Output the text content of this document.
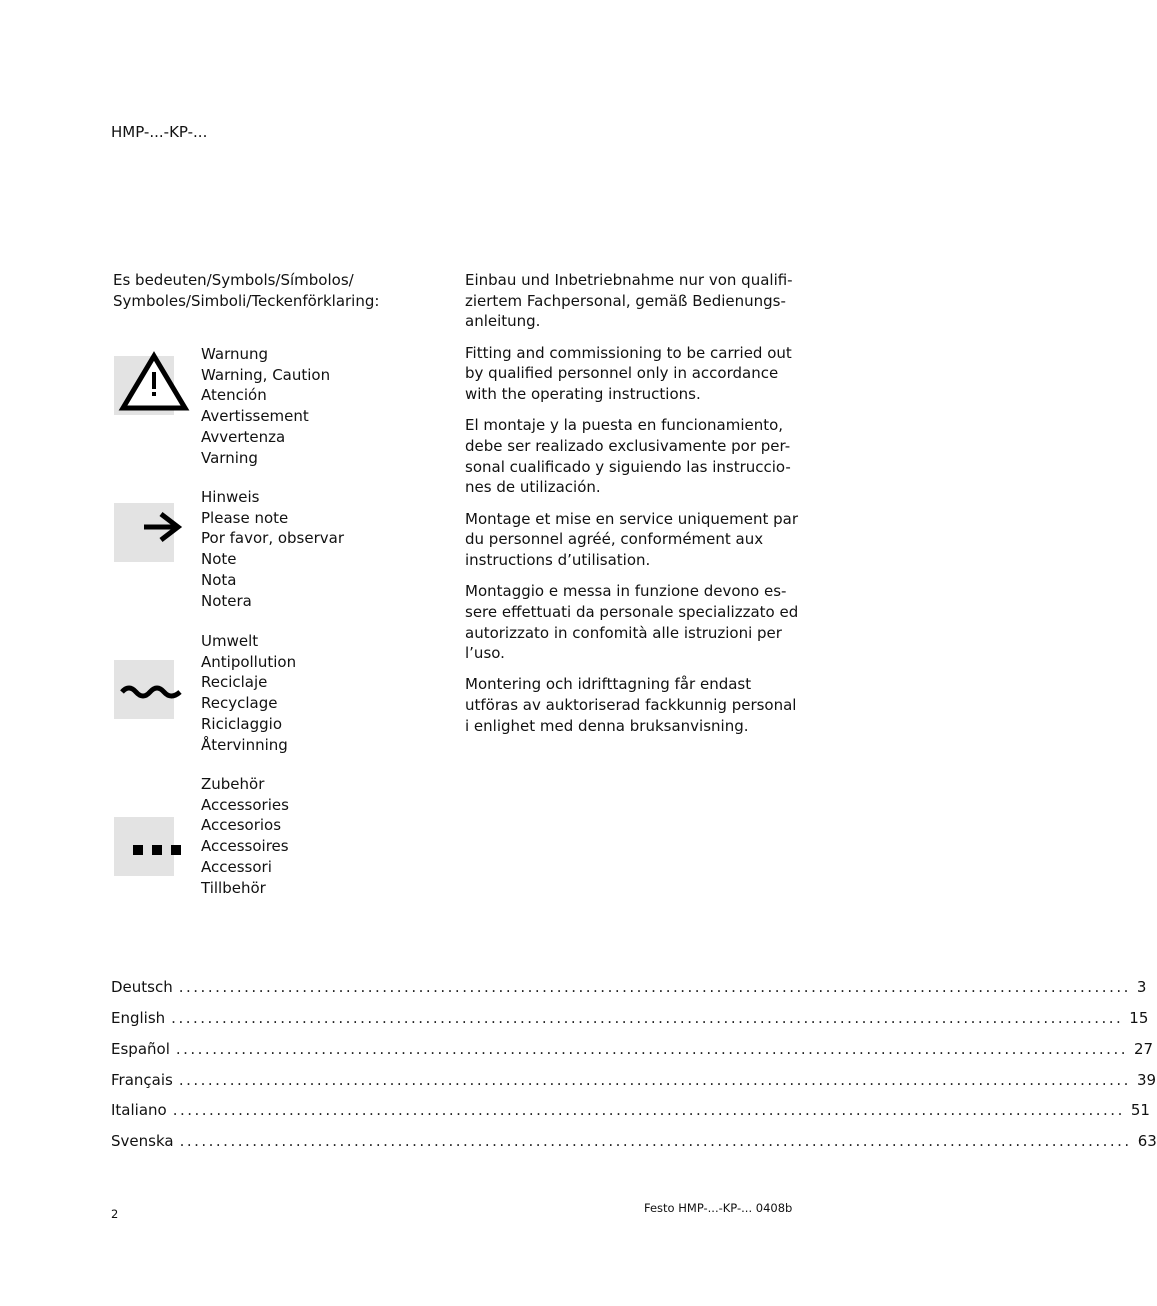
HMP-...-KP-...
Es bedeuten/Symbols/Símbolos/ Symboles/Simboli/Teckenförklaring:
Warnung
Warning, Caution
Atención
Avertissement
Avvertenza
Varning
Hinweis
Please note
Por favor, observar
Note
Nota
Notera
Umwelt
Antipollution
Reciclaje
Recyclage
Riciclaggio
Återvinning
Zubehör
Accessories
Accesorios
Accessoires
Accessori
Tillbehör

Einbau und Inbetriebnahme nur von qualifi-ziertem Fachpersonal, gemäß Bedienungs-anleitung.

Fitting and commissioning to be carried out by qualified personnel only in accordance with the operating instructions.

El montaje y la puesta en funcionamiento, debe ser realizado exclusivamente por per-sonal cualificado y siguiendo las instruccio-nes de utilización.

Montage et mise en service uniquement par du personnel agréé, conformément aux instructions d’utilisation.

Montaggio e messa in funzione devono es-sere effettuati da personale specializzato ed autorizzato in confomità alle istruzioni per l’uso.

Montering och idrifttagning får endast utföras av auktoriserad fackkunnig personal i enlighet med denna bruksanvisning.

Deutsch ................................................................................................................................... 3
English ................................................................................................................................... 15
Español ................................................................................................................................... 27
Français ................................................................................................................................... 39
Italiano ................................................................................................................................... 51
Svenska ................................................................................................................................... 63
2	Festo HMP-...-KP-... 0408b
